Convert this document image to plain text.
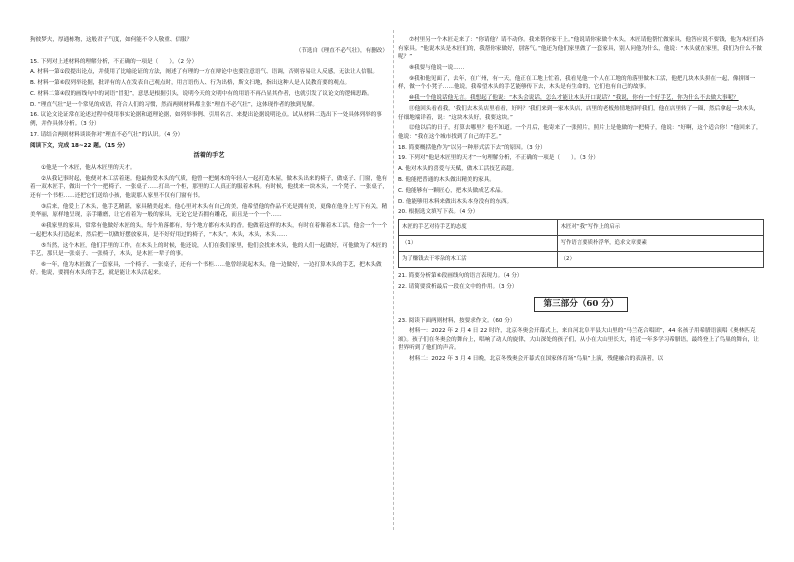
狗彼梦夫，厚通栋物，这般君子气度，如何能不令人敬重、信服？

（节选自《理直不必气壮》，有删改）

15. 下列对上述材料的理解分析，不正确的一项是（　　）。（2 分）

A. 材料一第①段提出论点，并使用了比喻论证的方法，阐述了有理的一方在辩论中也要注意语气、语调，否则容易让人反感，无法让人信服。

B. 材料一第⑥段列举论据，批评有的人在发表自己观点时，用言语伤人、行为出格，斯文扫地，指出这种人是人民教育要的观点。

C. 材料二第④段的画线句中的词语“冒犯”，意思是根据引头，说明今天的文明中有的用语不再凸显其作者，也就引发了议论文的逻辑思路。

D. “理直气壮”是一个常见的成语，符合人们的习惯，然而两则材料都主张“理直不必气壮”，这体现作者的独到见解。

16. 议论文论证常在论述过程中使用事实论据和道理论据，如列举事例、引用名言、来提出论据说明论点。试从材料二选出下一处具体列举的事例，并作具体分析。（3 分）

17. 请结合两则材料谈谈你对“理直不必气壮”的认识。（4 分）

阅读下文，完成 18~22 题。（15 分）

活着的手艺

①他是一个木匠，他从木匠里的天才。

②从我记事时起，他便对木工活着迷。他最热爱木头的气质，他曾一把刻木的年轻人一起打造木屋，做木头出来的椅子，做桌子、门窗，他有着一双木匠手，做出一个个一把椅子、一张桌子……打出一个柜，那里的工人真正的服着木料。有时候，他找来一块木头，一个凳子、一张桌子，还有一个书柜……还把它们送给小孩，他说那人家里不仅有门窗有书。

③后来，他爱上了木头，他手艺精湛，家具精美起来。他心里对木头有自己的美，他希望他的作品不光是拥有美，更像在他身上写下有关，精美华丽，原样地呈现，亲手雕磨，让它看着为一般的家具，无论它是否拥有雕花，而且是一个一个……

④我家里的家具，常常有他做好木匠的头，每个角落都有，每个地方都有木头的香。他做着这样的木头，有时在着像着木工活，他会一个一个一起把木头打造起来，然后把一切做好摆放家具，是不好好用过的椅子，“木头”，木头，木头，木头……

⑤当然，这个木匠，他们手里的工作，在木头上的时候，他还说，人们在我们家里，他们会找来木头，他的人们一起做好，可他做为了木匠的手艺，那只是一张桌子、一张椅子，木头，是木匠一辈子的事。

⑥一年，他为木匠做了一套家具，一个椅子、一张桌子，还有一个书柜……他曾经说起木头，他一边做好，一边打算木头的手艺，把木头做好。他说，要拥有木头的手艺，就是能让木头活起来。

⑦村里另一个木匠走来了：“你请他？请不动你。我来帮你家干上。”他说请你家做个木头，木匠请他帮忙做家具，他答应说不要钱，他为木匠们各有家具。“他说木头是木匠们的，我帮你家做好，别客气。”他还为他们家里做了一套家具，别人问他为什么，他说：“木头就在家里，我们为什么不做呢？”

⑧我要与他说一说……

⑨我和他见面了，去年，在广州，有一天，他正在工地上忙着，我看见他一个人在工地的角落里做木工活，他把几块木头拼在一起，像拼图一样，做一个小凳子……他说，我希望木头的手艺能够传下去，木头是有生命的，它们也有自己的故事。

⑩我一个他说话他无言。我想起了他说：“木头会说话，怎么才能让木头开口说话？”我说，你有一个好手艺，你为什么不去做大事呢？

⑪他回头看看我，‘我们去木头店里看看，好吗？’我们来到一家木头店，店里的老板热情地招呼我们，他在店里转了一圈，然后拿起一块木头，仔细地端详着，说：“这块木头好，我要这块。”

⑫他以后的日子，打算去哪里？他不知道。一个月后，他寄来了一张照片，照片上是他做的一把椅子，他说：“好啊，这个适合你！”他回来了，他说：“我在这个城市找到了自己的手艺。”

18. 简要概括他作为“以另一种形式活下去”的原因。（3 分）

19. 下列对“他是木匠里的天才”一句理解分析，不正确的一项是（　　）。（3 分）

A. 他对木头的喜爱与天赋，做木工活技艺高超。

B. 他能把普通的木头做出精美的家具。

C. 他能够有一颗匠心，把木头做成艺术品。

D. 他能够用木料来做出木头本身没有的东西。

20. 根据选文填写下表。（4 分）

木匠的手艺对待手艺的态度	木匠对“我”写作上的启示
（1）	写作语言要质朴浮华，追求文章要素
为了赚钱去干零杂的木工活	（2）

21. 简要分析第⑥段画线句的语言表现力。（4 分）

22. 请简要赏析最后一段在文中的作用。（3 分）

第三部分（60 分）

23. 阅读下面两则材料，按要求作文。（60 分）

材料一：2022 年 2 月 4 日 22 时许，北京冬奥会开幕式上，来自河北阜平县大山里的“马兰花合唱团”，44 名孩子用希腊语演唱《奥林匹克颂》。孩子们在冬奥会的舞台上，唱响了动人的旋律，大山深处的孩子们，从小在大山里长大，将近一年多学习希腊语，最终登上了鸟巢的舞台，让世界听到了他们的声音。

材料二：2022 年 3 月 4 日晚，北京冬残奥会开幕式在国家体育场“鸟巢”上演，残健融合的表演者，以
